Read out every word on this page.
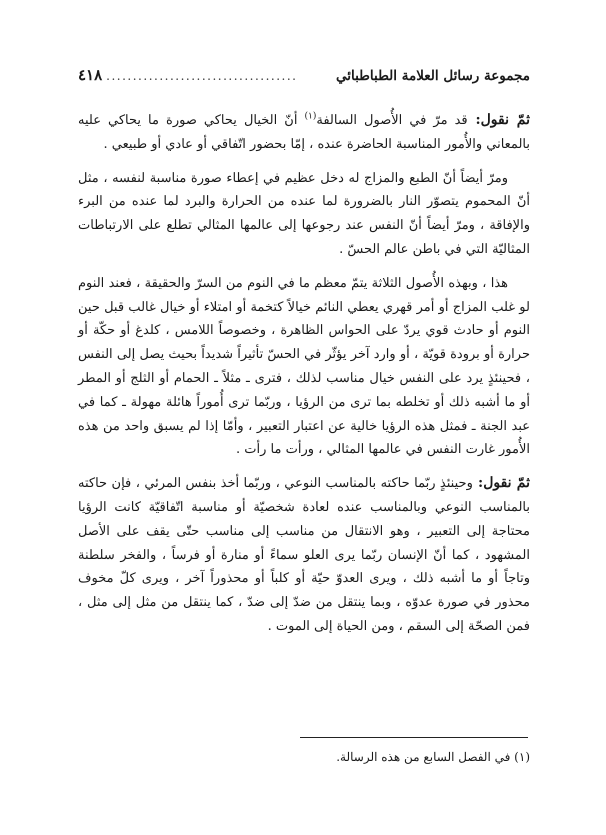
٤١٨ ....................................	مجموعة رسائل العلامة الطباطبائي

ثمّ نقول: قد مرّ في الأُصول السالفة$^{(١)}$ أنّ الخيال يحاكي صورة ما يحاكي عليه بالمعاني والأُمور المناسبة الحاضرة عنده ، إمّا بحضور اتّفاقي أو عادي أو طبيعي .

ومرّ أيضاً أنّ الطبع والمزاج له دخل عظيم في إعطاء صورة مناسبة لنفسه ، مثل أنّ المحموم يتصوّر النار بالضرورة لما عنده من الحرارة والبرد لما عنده من البرء والإفاقة ، ومرّ أيضاً أنّ النفس عند رجوعها إلى عالمها المثالي تطلع على الارتباطات المثاليّة التي في باطن عالم الحسّ .

هذا ، وبهذه الأُصول الثلاثة يتمّ معظم ما في النوم من السرّ والحقيقة ، فعند النوم لو غلب المزاج أو أمر قهري يعطي النائم خيالاً كتخمة أو امتلاء أو خيال غالب قبل حين النوم أو حادث قوي يردّ على الحواس الظاهرة ، وخصوصاً اللامس ، كلدغ أو حكّة أو حرارة أو برودة قويّة ، أو وارد آخر يؤثّر في الحسّ تأثيراً شديداً بحيث يصل إلى النفس ، فحينئذٍ يرد على النفس خيال مناسب لذلك ، فترى ـ مثلاً ـ الحمام أو الثلج أو المطر أو ما أشبه ذلك أو تخلطه بما ترى من الرؤيا ، وربّما ترى أُموراً هائلة مهولة ـ كما في عبد الجنة ـ فمثل هذه الرؤيا خالية عن اعتبار التعبير ، وأمّا إذا لم يسبق واحد من هذه الأُمور غارت النفس في عالمها المثالي ، ورأت ما رأت .

ثمّ نقول: وحينئذٍ ربّما حاكته بالمناسب النوعي ، وربّما أخذ بنفس المرئي ، فإن حاكته بالمناسب النوعي وبالمناسب عنده لعادة شخصيّة أو مناسبة اتّفاقيّة كانت الرؤيا محتاجة إلى التعبير ، وهو الانتقال من مناسب إلى مناسب حتّى يقف على الأصل المشهود ، كما أنّ الإنسان ربّما يرى العلو سماءً أو منارة أو فرساً ، والفخر سلطنة وتاجاً أو ما أشبه ذلك ، ويرى العدوّ حيّة أو كلباً أو محذوراً آخر ، ويرى كلّ مخوف محذور في صورة عدوّه ، وبما ينتقل من ضدّ إلى ضدّ ، كما ينتقل من مثل إلى مثل ، فمن الصحّة إلى السقم ، ومن الحياة إلى الموت .

(١) في الفصل السابع من هذه الرسالة.
